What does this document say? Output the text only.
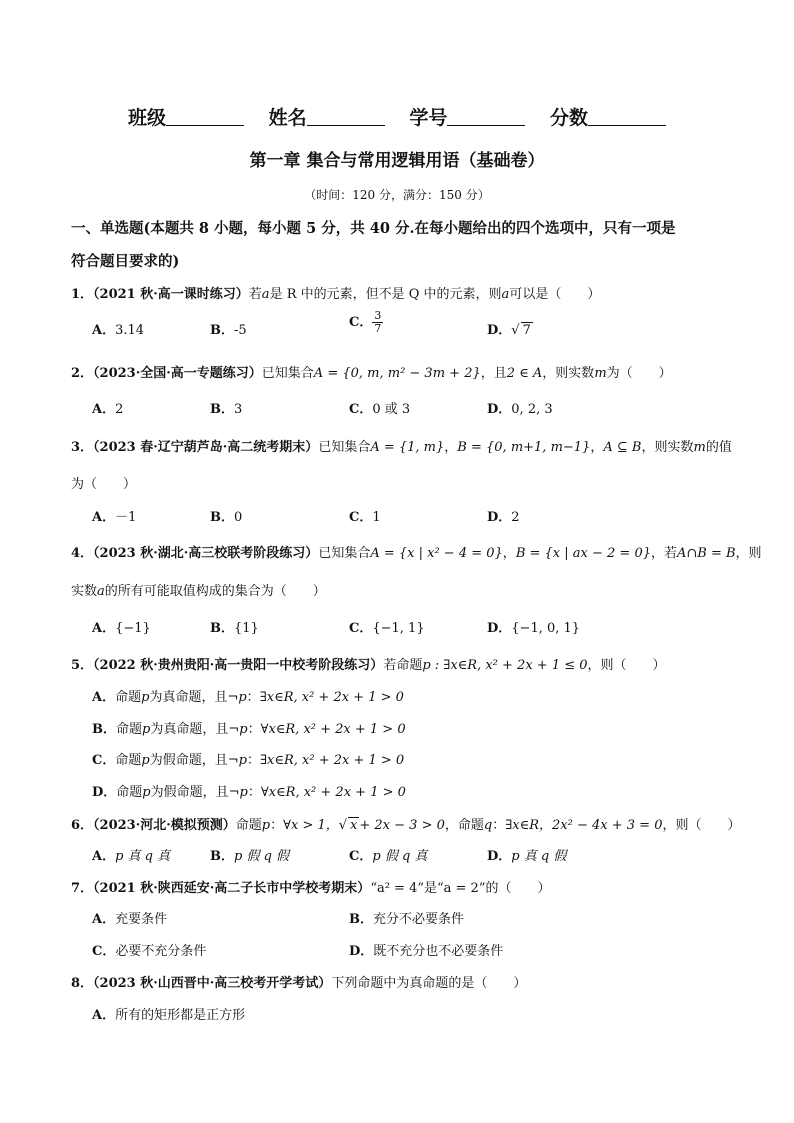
班级	姓名	学号	分数
第一章 集合与常用逻辑用语（基础卷）
（时间：120 分，满分：150 分）
一、单选题(本题共 8 小题，每小题 5 分，共 40 分.在每小题给出的四个选项中，只有一项是
符合题目要求的)
1．（2021 秋·高一课时练习）若a是 R 中的元素，但不是 Q 中的元素，则a可以是（　　）
A．3.14	B．-5
C． $\frac{3}{7}$	D．√ 7
2．（2023·全国·高一专题练习）已知集合A = {0, m, m² − 3m + 2}，且2 ∈ A，则实数m为（　　）
A．2	B．3	C．0 或 3	D．0, 2, 3
3．（2023 春·辽宁葫芦岛·高二统考期末）已知集合A = {1, m}，B = {0, m+1, m−1}，A ⊆ B，则实数m的值
为（　　）
A．－1	B．0	C．1	D．2
4．（2023 秋·湖北·高三校联考阶段练习）已知集合A = {x | x² − 4 = 0}，B = {x | ax − 2 = 0}，若A∩B = B，则
实数a的所有可能取值构成的集合为（　　）
A．{−1}	B．{1}	C．{−1, 1}	D．{−1, 0, 1}
5．（2022 秋·贵州贵阳·高一贵阳一中校考阶段练习）若命题p : ∃x∈R, x² + 2x + 1 ≤ 0，则（　　）
A．命题p为真命题，且¬p：∃x∈R, x² + 2x + 1 > 0
B．命题p为真命题，且¬p：∀x∈R, x² + 2x + 1 > 0
C．命题p为假命题，且¬p：∃x∈R, x² + 2x + 1 > 0
D．命题p为假命题，且¬p：∀x∈R, x² + 2x + 1 > 0
6．（2023·河北·模拟预测）命题p：∀x > 1，√ x + 2x − 3 > 0，命题q：∃x∈R，2x² − 4x + 3 = 0，则（　　）
A．p 真 q 真	B．p 假 q 假	C．p 假 q 真	D．p 真 q 假
7．（2021 秋·陕西延安·高二子长市中学校考期末）“a² = 4”是“a = 2”的（　　）
A．充要条件	B．充分不必要条件
C．必要不充分条件	D．既不充分也不必要条件
8．（2023 秋·山西晋中·高三校考开学考试）下列命题中为真命题的是（　　）
A．所有的矩形都是正方形
